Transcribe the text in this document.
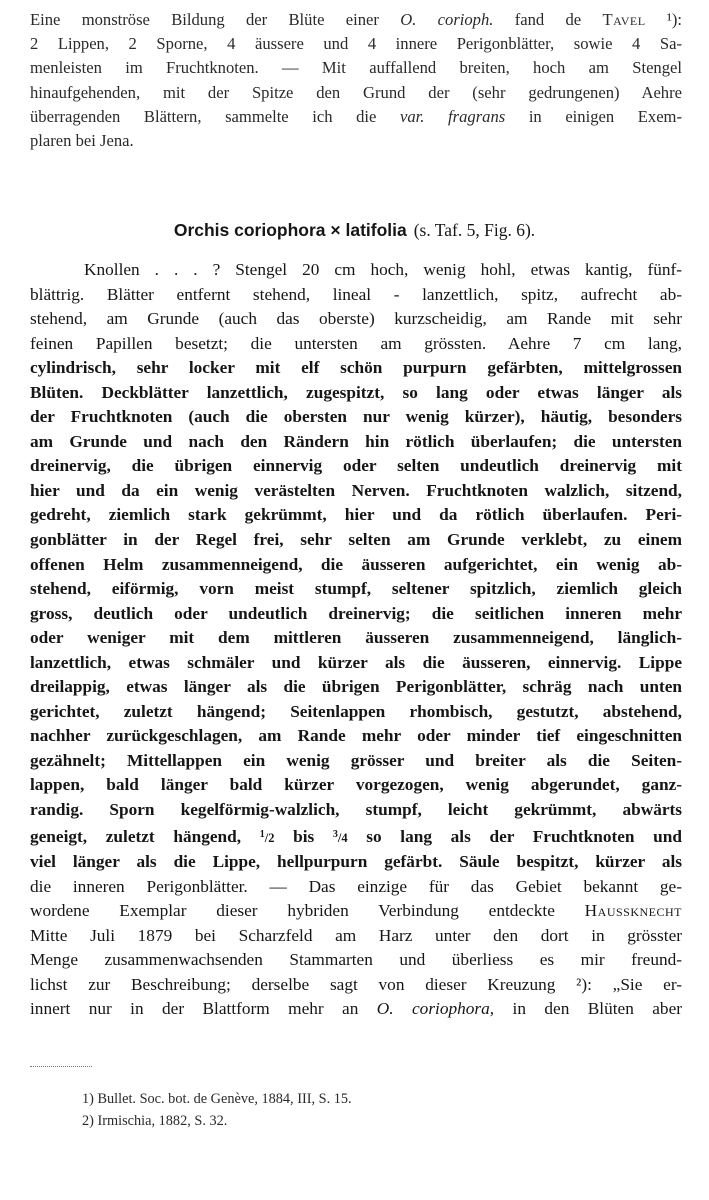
Eine monströse Bildung der Blüte einer O. corioph. fand de Tavel ¹):
2 Lippen, 2 Sporne, 4 äussere und 4 innere Perigonblätter, sowie 4 Sa-
menleisten im Fruchtknoten. — Mit auffallend breiten, hoch am Stengel
hinaufgehenden, mit der Spitze den Grund der (sehr gedrungenen) Aehre
überragenden Blättern, sammelte ich die var. fragrans in einigen Exem-
plaren bei Jena.
Orchis coriophora × latifolia (s. Taf. 5, Fig. 6).
Knollen . . . ? Stengel 20 cm hoch, wenig hohl, etwas kantig, fünf-
blättrig. Blätter entfernt stehend, lineal - lanzettlich, spitz, aufrecht ab-
stehend, am Grunde (auch das oberste) kurzscheidig, am Rande mit sehr
feinen Papillen besetzt; die untersten am grössten. Aehre 7 cm lang,
cylindrisch, sehr locker mit elf schön purpurn gefärbten, mittelgrossen
Blüten. Deckblätter lanzettlich, zugespitzt, so lang oder etwas länger als
der Fruchtknoten (auch die obersten nur wenig kürzer), häutig, besonders
am Grunde und nach den Rändern hin rötlich überlaufen; die untersten
dreinervig, die übrigen einnervig oder selten undeutlich dreinervig mit
hier und da ein wenig verästelten Nerven. Fruchtknoten walzlich, sitzend,
gedreht, ziemlich stark gekrümmt, hier und da rötlich überlaufen. Peri-
gonblätter in der Regel frei, sehr selten am Grunde verklebt, zu einem
offenen Helm zusammenneigend, die äusseren aufgerichtet, ein wenig ab-
stehend, eiförmig, vorn meist stumpf, seltener spitzlich, ziemlich gleich
gross, deutlich oder undeutlich dreinervig; die seitlichen inneren mehr
oder weniger mit dem mittleren äusseren zusammenneigend, länglich-
lanzettlich, etwas schmäler und kürzer als die äusseren, einnervig. Lippe
dreilappig, etwas länger als die übrigen Perigonblätter, schräg nach unten
gerichtet, zuletzt hängend; Seitenlappen rhombisch, gestutzt, abstehend,
nachher zurückgeschlagen, am Rande mehr oder minder tief eingeschnitten
gezähnelt; Mittellappen ein wenig grösser und breiter als die Seiten-
lappen, bald länger bald kürzer vorgezogen, wenig abgerundet, ganz-
randig. Sporn kegelförmig-walzlich, stumpf, leicht gekrümmt, abwärts
geneigt, zuletzt hängend, $^1$/2 bis $^3$/4 so lang als der Fruchtknoten und
viel länger als die Lippe, hellpurpurn gefärbt. Säule bespitzt, kürzer als
die inneren Perigonblätter. — Das einzige für das Gebiet bekannt ge-
wordene Exemplar dieser hybriden Verbindung entdeckte Haussknecht
Mitte Juli 1879 bei Scharzfeld am Harz unter den dort in grösster
Menge zusammenwachsenden Stammarten und überliess es mir freund-
lichst zur Beschreibung; derselbe sagt von dieser Kreuzung ²): „Sie er-
innert nur in der Blattform mehr an O. coriophora, in den Blüten aber
1) Bullet. Soc. bot. de Genève, 1884, III, S. 15.
2) Irmischia, 1882, S. 32.
